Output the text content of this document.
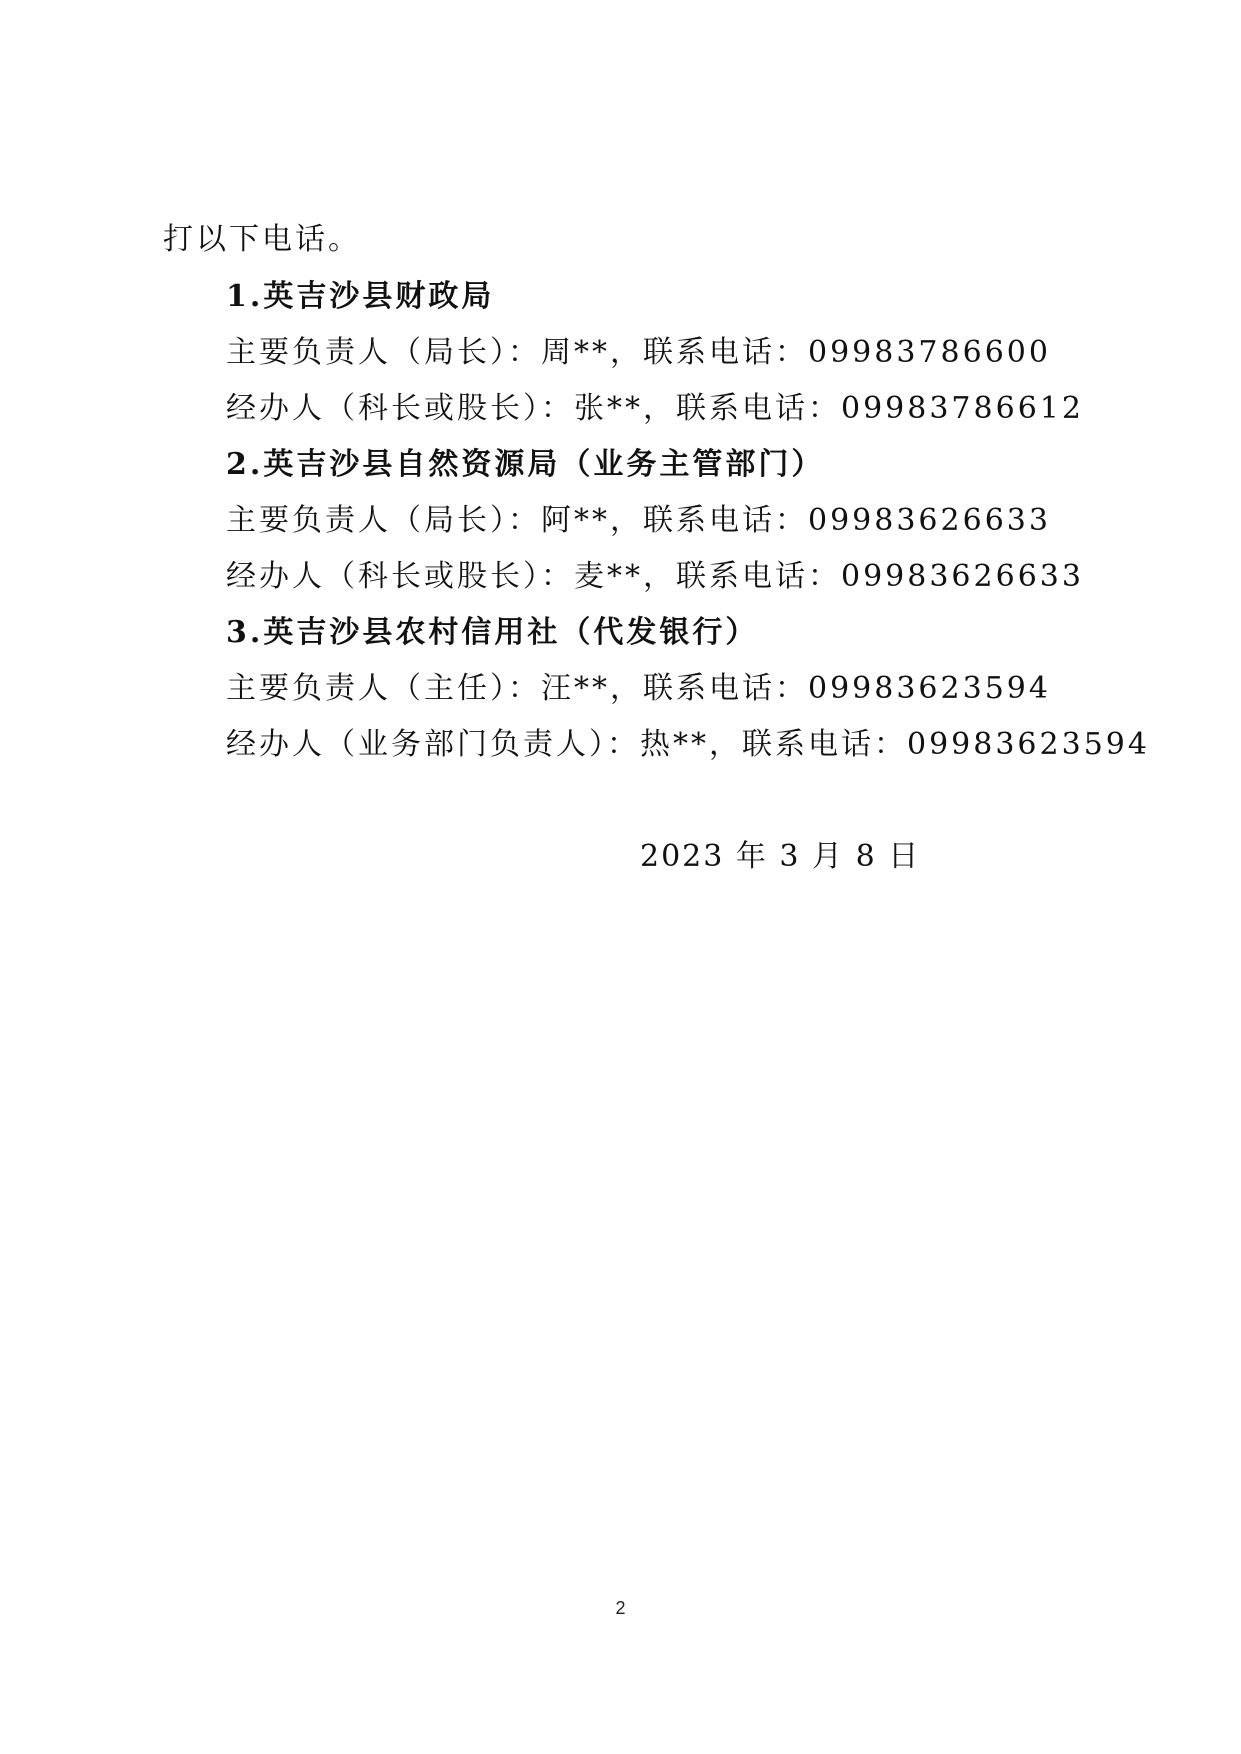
打以下电话。
1.英吉沙县财政局
主要负责人（局长）：周**，联系电话：09983786600
经办人（科长或股长）：张**，联系电话：09983786612
2.英吉沙县自然资源局（业务主管部门）
主要负责人（局长）：阿**，联系电话：09983626633
经办人（科长或股长）：麦**，联系电话：09983626633
3.英吉沙县农村信用社（代发银行）
主要负责人（主任）：汪**，联系电话：09983623594
经办人（业务部门负责人）：热**，联系电话：09983623594
2023 年 3 月 8 日
2
